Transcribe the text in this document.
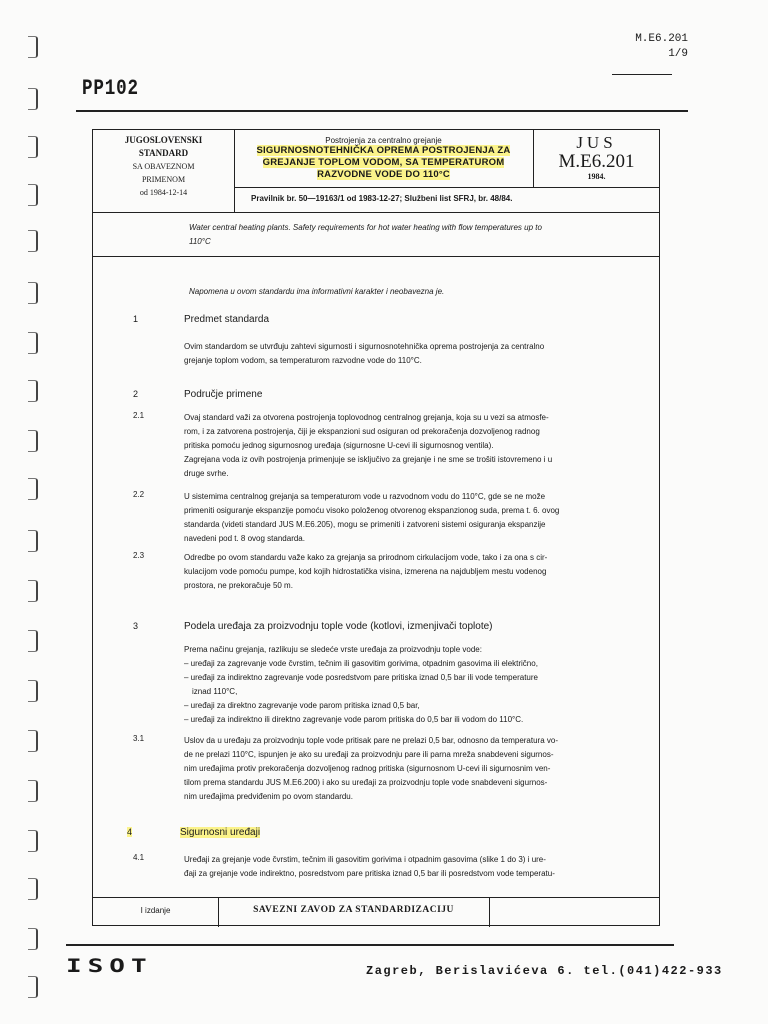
M.E6.201
1/9
PP102
JUGOSLOVENSKI
STANDARD
SA OBAVEZNOM
PRIMENOM
od 1984-12-14
Postrojenja za centralno grejanje
SIGURNOSNOTEHNIČKA OPREMA POSTROJENJA ZA
GREJANJE TOPLOM VODOM, SA TEMPERATUROM
RAZVODNE VODE DO 110°C
JUS
M.E6.201
1984.
Pravilnik br. 50—19163/1 od 1983-12-27; Službeni list SFRJ, br. 48/84.
Water central heating plants. Safety requirements for hot water heating with flow temperatures up to
110°C
Napomena u ovom standardu ima informativni karakter i neobavezna je.
1	Predmet standarda
Ovim standardom se utvrđuju zahtevi sigurnosti i sigurnosnotehnička oprema postrojenja za centralno
grejanje toplom vodom, sa temperaturom razvodne vode do 110°C.
2	Područje primene
2.1	Ovaj standard važi za otvorena postrojenja toplovodnog centralnog grejanja, koja su u vezi sa atmosfe-
rom, i za zatvorena postrojenja, čiji je ekspanzioni sud osiguran od prekoračenja dozvoljenog radnog
pritiska pomoću jednog sigurnosnog uređaja (sigurnosne U-cevi ili sigurnosnog ventila).
Zagrejana voda iz ovih postrojenja primenjuje se isključivo za grejanje i ne sme se trošiti istovremeno i u
druge svrhe.
2.2	U sistemima centralnog grejanja sa temperaturom vode u razvodnom vodu do 110°C, gde se ne može
primeniti osiguranje ekspanzije pomoću visoko položenog otvorenog ekspanzionog suda, prema t. 6. ovog
standarda (videti standard JUS M.E6.205), mogu se primeniti i zatvoreni sistemi osiguranja ekspanzije
navedeni pod t. 8 ovog standarda.
2.3	Odredbe po ovom standardu važe kako za grejanja sa prirodnom cirkulacijom vode, tako i za ona s cir-
kulacijom vode pomoću pumpe, kod kojih hidrostatička visina, izmerena na najdubljem mestu vodenog
prostora, ne prekoračuje 50 m.
3	Podela uređaja za proizvodnju tople vode (kotlovi, izmenjivači toplote)
Prema načinu grejanja, razlikuju se sledeće vrste uređaja za proizvodnju tople vode:
– uređaji za zagrevanje vode čvrstim, tečnim ili gasovitim gorivima, otpadnim gasovima ili električno,
– uređaji za indirektno zagrevanje vode posredstvom pare pritiska iznad 0,5 bar ili vode temperature
iznad 110°C,
– uređaji za direktno zagrevanje vode parom pritiska iznad 0,5 bar,
– uređaji za indirektno ili direktno zagrevanje vode parom pritiska do 0,5 bar ili vodom do 110°C.
3.1	Uslov da u uređaju za proizvodnju tople vode pritisak pare ne prelazi 0,5 bar, odnosno da temperatura vo-
de ne prelazi 110°C, ispunjen je ako su uređaji za proizvodnju pare ili parna mreža snabdeveni sigurnos-
nim uređajima protiv prekoračenja dozvoljenog radnog pritiska (sigurnosnom U-cevi ili sigurnosnim ven-
tilom prema standardu JUS M.E6.200) i ako su uređaji za proizvodnju tople vode snabdeveni sigurnos-
nim uređajima predviđenim po ovom standardu.
4	Sigurnosni uređaji
4.1	Uređaji za grejanje vode čvrstim, tečnim ili gasovitim gorivima i otpadnim gasovima (slike 1 do 3) i ure-
đaji za grejanje vode indirektno, posredstvom pare pritiska iznad 0,5 bar ili posredstvom vode temperatu-
I izdanje	SAVEZNI ZAVOD ZA STANDARDIZACIJU
ISOT	Zagreb, Berislavićeva 6. tel.(041)422-933
